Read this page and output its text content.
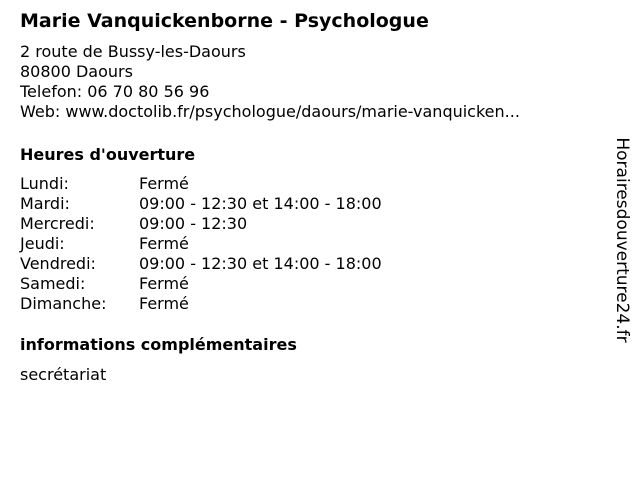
Marie Vanquickenborne - Psychologue
2 route de Bussy-les-Daours
80800 Daours
Telefon: 06 70 80 56 96
Web: www.doctolib.fr/psychologue/daours/marie-vanquicken...
Heures d'ouverture
Lundi:	Fermé
Mardi:	09:00 - 12:30 et 14:00 - 18:00
Mercredi:	09:00 - 12:30
Jeudi:	Fermé
Vendredi:	09:00 - 12:30 et 14:00 - 18:00
Samedi:	Fermé
Dimanche:	Fermé
informations complémentaires
secrétariat
Horairesdouverture24.fr
